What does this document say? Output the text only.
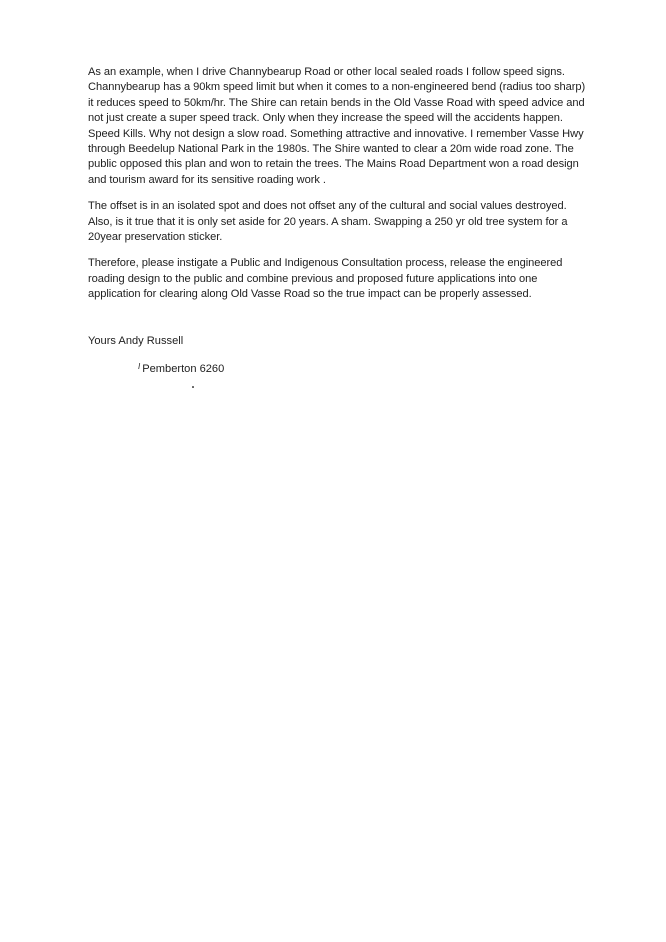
As an example, when I drive Channybearup Road or other local sealed roads I follow speed signs. Channybearup has a 90km speed limit but when it comes to a non-engineered bend (radius too sharp) it reduces speed to 50km/hr. The Shire can retain bends in the Old Vasse Road with speed advice and not just create a super speed track. Only when they increase the speed will the accidents happen. Speed Kills. Why not design a slow road. Something attractive and innovative. I remember Vasse Hwy through Beedelup National Park in the 1980s. The Shire wanted to clear a 20m wide road zone. The public opposed this plan and won to retain the trees. The Mains Road Department won a road design and tourism award for its sensitive roading work .

The offset is in an isolated spot and does not offset any of the cultural and social values destroyed. Also, is it true that it is only set aside for 20 years. A sham. Swapping a 250 yr old tree system for a 20year preservation sticker.

Therefore, please instigate a Public and Indigenous Consultation process, release the engineered roading design to the public and combine previous and proposed future applications into one application for clearing along Old Vasse Road so the true impact can be properly assessed.

Yours Andy Russell

$^I$ Pemberton 6260
